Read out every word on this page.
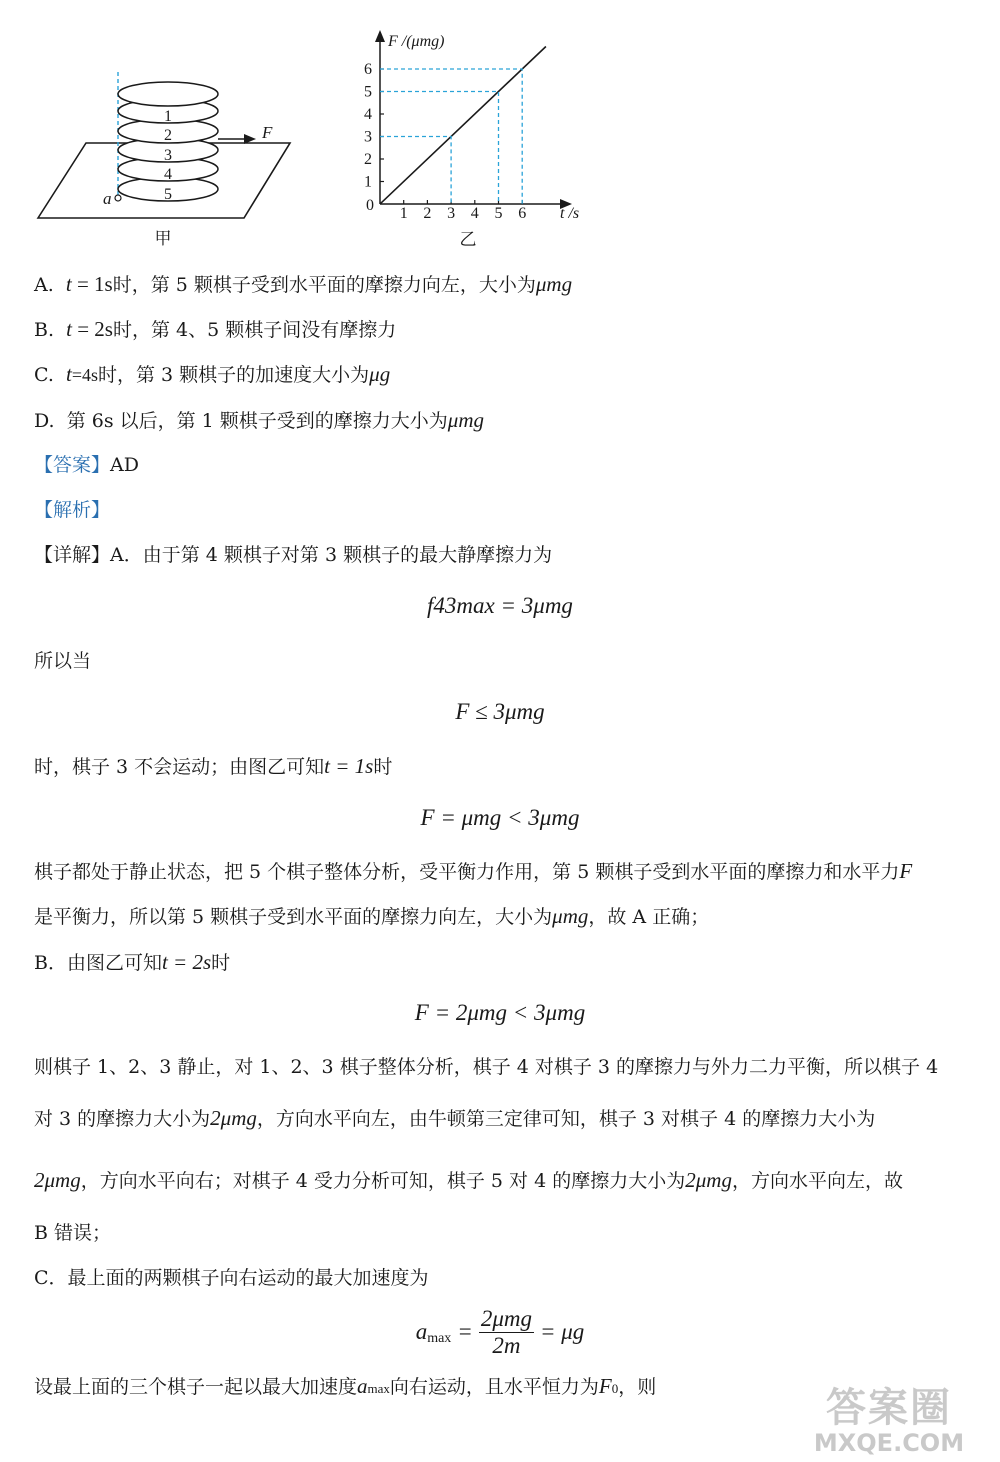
1
2
3
4
5
F
a
甲
F /(μmg)
t /s
0 1 2 3 4 5 6
1
2
3
4
5
6
乙
A. t = 1s时，第 5 颗棋子受到水平面的摩擦力向左，大小为μmg
B. t = 2s时，第 4、5 颗棋子间没有摩擦力
C. t=4s时，第 3 颗棋子的加速度大小为μg
D. 第 6s 以后，第 1 颗棋子受到的摩擦力大小为μmg
【答案】AD
【解析】
【详解】A．由于第 4 颗棋子对第 3 颗棋子的最大静摩擦力为
f43max = 3μmg
所以当
F ≤ 3μmg
时，棋子 3 不会运动；由图乙可知t = 1s时
F = μmg < 3μmg
棋子都处于静止状态，把 5 个棋子整体分析，受平衡力作用，第 5 颗棋子受到水平面的摩擦力和水平力F
是平衡力，所以第 5 颗棋子受到水平面的摩擦力向左，大小为μmg，故 A 正确；
B．由图乙可知t = 2s时
F = 2μmg < 3μmg
则棋子 1、2、3 静止，对 1、2、3 棋子整体分析，棋子 4 对棋子 3 的摩擦力与外力二力平衡，所以棋子 4
对 3 的摩擦力大小为2μmg，方向水平向左，由牛顿第三定律可知，棋子 3 对棋子 4 的摩擦力大小为
2μmg，方向水平向右；对棋子 4 受力分析可知，棋子 5 对 4 的摩擦力大小为2μmg，方向水平向左，故
B 错误；
C．最上面的两颗棋子向右运动的最大加速度为
a max =
2μmg
2m
= μg
设最上面的三个棋子一起以最大加速度amax向右运动，且水平恒力为F0，则	答案圈
MXQE.COM
